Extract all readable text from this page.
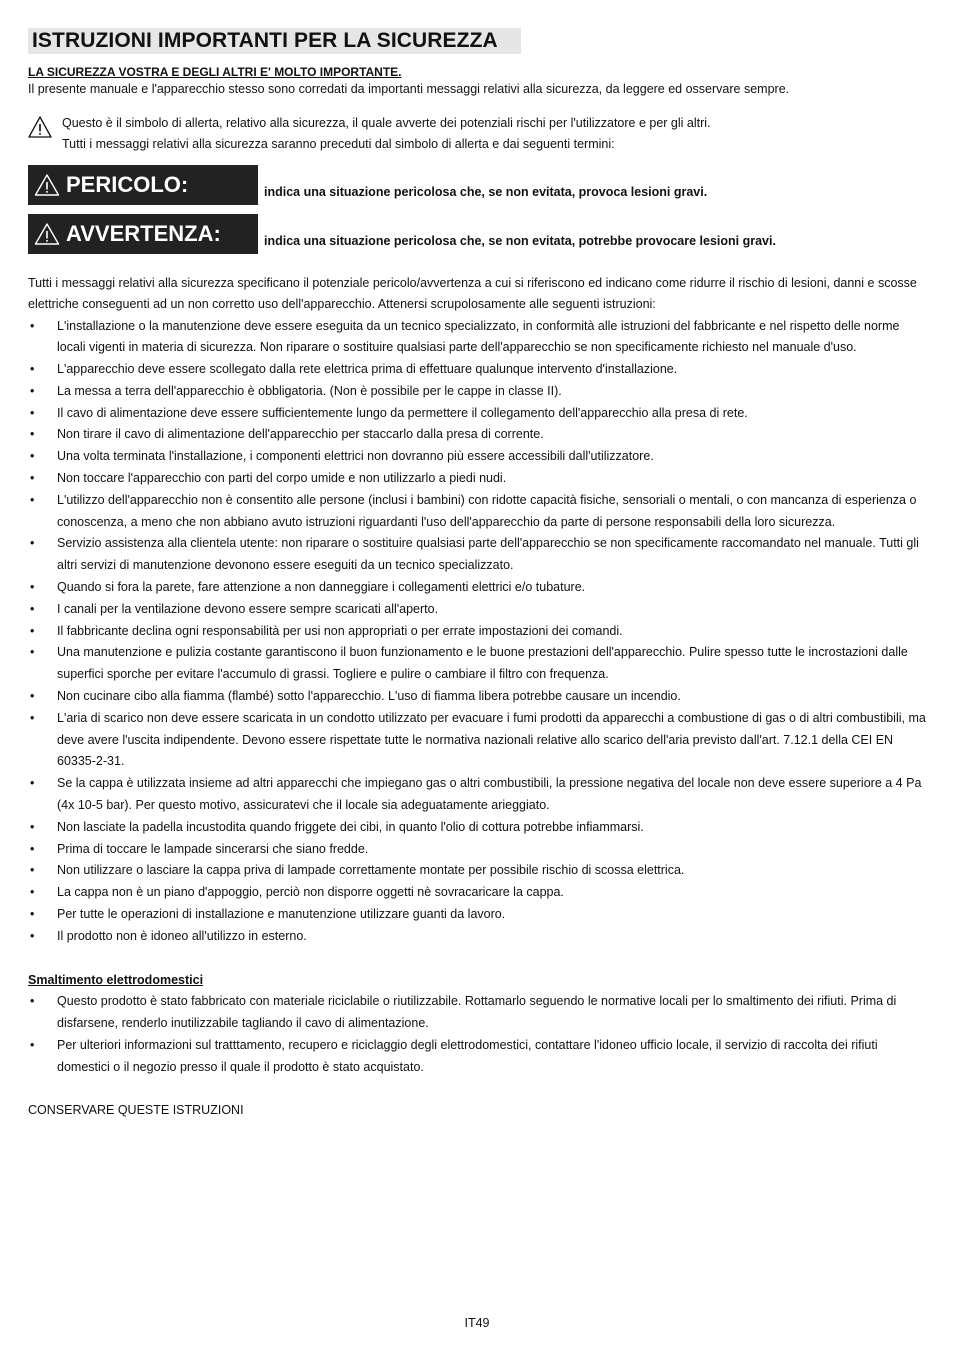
ISTRUZIONI IMPORTANTI PER LA SICUREZZA
LA SICUREZZA VOSTRA E DEGLI ALTRI E' MOLTO IMPORTANTE.
Il presente manuale e l'apparecchio stesso sono corredati da importanti messaggi relativi alla sicurezza, da leggere ed osservare sempre.
Questo è il simbolo di allerta, relativo alla sicurezza, il quale avverte dei potenziali rischi per l'utilizzatore e per gli altri.
Tutti i messaggi relativi alla sicurezza saranno preceduti dal simbolo di allerta e dai seguenti termini:
PERICOLO:	indica una situazione pericolosa che, se non evitata, provoca lesioni gravi.
AVVERTENZA:	indica una situazione pericolosa che, se non evitata, potrebbe provocare lesioni gravi.
Tutti i messaggi relativi alla sicurezza specificano il potenziale pericolo/avvertenza a cui si riferiscono ed indicano come ridurre il rischio di lesioni, danni e scosse elettriche conseguenti ad un non corretto uso dell'apparecchio. Attenersi scrupolosamente alle seguenti istruzioni:
• L'installazione o la manutenzione deve essere eseguita da un tecnico specializzato, in conformità alle istruzioni del fabbricante e nel rispetto delle norme locali vigenti in materia di sicurezza. Non riparare o sostituire qualsiasi parte dell'apparecchio se non specificamente richiesto nel manuale d'uso.
• L'apparecchio deve essere scollegato dalla rete elettrica prima di effettuare qualunque intervento d'installazione.
• La messa a terra dell'apparecchio è obbligatoria. (Non è possibile per le cappe in classe II).
• Il cavo di alimentazione deve essere sufficientemente lungo da permettere il collegamento dell'apparecchio alla presa di rete.
• Non tirare il cavo di alimentazione dell'apparecchio per staccarlo dalla presa di corrente.
• Una volta terminata l'installazione, i componenti elettrici non dovranno più essere accessibili dall'utilizzatore.
• Non toccare l'apparecchio con parti del corpo umide e non utilizzarlo a piedi nudi.
• L'utilizzo dell'apparecchio non è consentito alle persone (inclusi i bambini) con ridotte capacità fisiche, sensoriali o mentali, o con mancanza di esperienza o conoscenza, a meno che non abbiano avuto istruzioni riguardanti l'uso dell'apparecchio da parte di persone responsabili della loro sicurezza.
• Servizio assistenza alla clientela utente: non riparare o sostituire qualsiasi parte dell'apparecchio se non specificamente raccomandato nel manuale. Tutti gli altri servizi di manutenzione devonono essere eseguiti da un tecnico specializzato.
• Quando si fora la parete, fare attenzione a non danneggiare i collegamenti elettrici e/o tubature.
• I canali per la ventilazione devono essere sempre scaricati all'aperto.
• Il fabbricante declina ogni responsabilità per usi non appropriati o per errate impostazioni dei comandi.
• Una manutenzione e pulizia costante garantiscono il buon funzionamento e le buone prestazioni dell'apparecchio. Pulire spesso tutte le incrostazioni dalle superfici sporche per evitare l'accumulo di grassi. Togliere e pulire o cambiare il filtro con frequenza.
• Non cucinare cibo alla fiamma (flambé) sotto l'apparecchio. L'uso di fiamma libera potrebbe causare un incendio.
• L'aria di scarico non deve essere scaricata in un condotto utilizzato per evacuare i fumi prodotti da apparecchi a combustione di gas o di altri combustibili, ma deve avere l'uscita indipendente. Devono essere rispettate tutte le normativa nazionali relative allo scarico dell'aria previsto dall'art. 7.12.1 della CEI EN 60335-2-31.
• Se la cappa è utilizzata insieme ad altri apparecchi che impiegano gas o altri combustibili, la pressione negativa del locale non deve essere superiore a 4 Pa (4x 10-5 bar). Per questo motivo, assicuratevi che il locale sia adeguatamente arieggiato.
• Non lasciate la padella incustodita quando friggete dei cibi, in quanto l'olio di cottura potrebbe infiammarsi.
• Prima di toccare le lampade sincerarsi che siano fredde.
• Non utilizzare o lasciare la cappa priva di lampade correttamente montate per possibile rischio di scossa elettrica.
• La cappa non è un piano d'appoggio, perciò non disporre oggetti nè sovracaricare la cappa.
• Per tutte le operazioni di installazione e manutenzione utilizzare guanti da lavoro.
• Il prodotto non è idoneo all'utilizzo in esterno.
Smaltimento elettrodomestici
• Questo prodotto è stato fabbricato con materiale riciclabile o riutilizzabile. Rottamarlo seguendo le normative locali per lo smaltimento dei rifiuti. Prima di disfarsene, renderlo inutilizzabile tagliando il cavo di alimentazione.
• Per ulteriori informazioni sul tratttamento, recupero e riciclaggio degli elettrodomestici, contattare l'idoneo ufficio locale, il servizio di raccolta dei rifiuti domestici o il negozio presso il quale il prodotto è stato acquistato.
CONSERVARE QUESTE ISTRUZIONI
IT49
